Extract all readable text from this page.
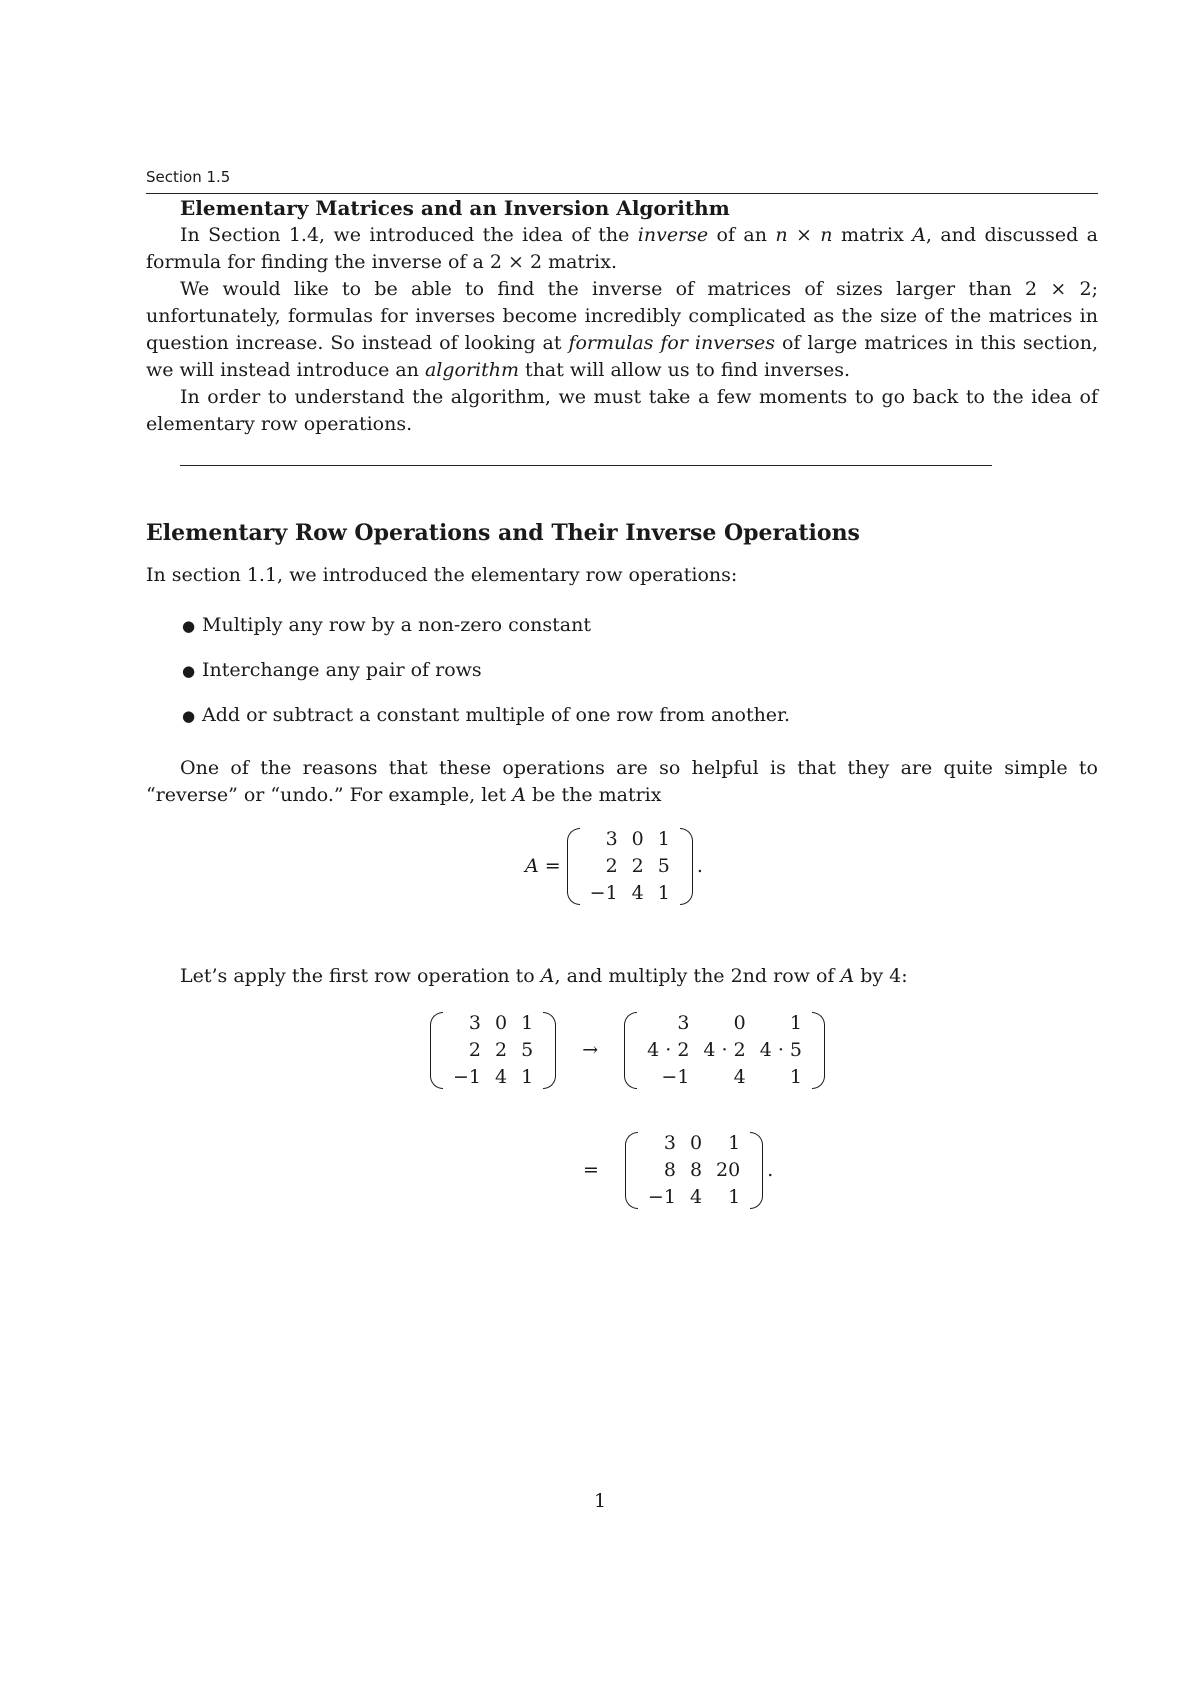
Section 1.5

Elementary Matrices and an Inversion Algorithm

In Section 1.4, we introduced the idea of the inverse of an n × n matrix A, and discussed a formula for finding the inverse of a 2 × 2 matrix.

We would like to be able to find the inverse of matrices of sizes larger than 2 × 2; unfortunately, formulas for inverses become incredibly complicated as the size of the matrices in question increase. So instead of looking at formulas for inverses of large matrices in this section, we will instead introduce an algorithm that will allow us to find inverses.

In order to understand the algorithm, we must take a few moments to go back to the idea of elementary row operations.

Elementary Row Operations and Their Inverse Operations

In section 1.1, we introduced the elementary row operations:

● Multiply any row by a non-zero constant
● Interchange any pair of rows
● Add or subtract a constant multiple of one row from another.

One of the reasons that these operations are so helpful is that they are quite simple to “reverse” or “undo.” For example, let A be the matrix

A =
3	0	1
2	2	5
−1	4	1
.

Let’s apply the first row operation to A, and multiply the 2nd row of A by 4:

3	0	1
2	2	5
−1	4	1
→
3	0	1
4 · 2	4 · 2	4 · 5
−1	4	1
=
3	0	1
8	8	20
−1	4	1
.
1
